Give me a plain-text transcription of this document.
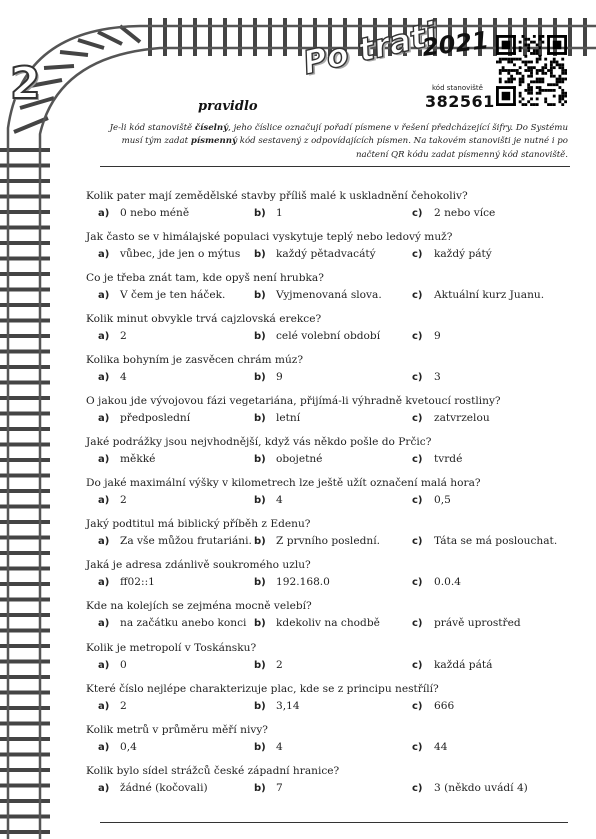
2
Po trati
2021
kód stanoviště
382561
pravidlo
Je-li kód stanoviště číselný, jeho číslice označují pořadí písmene v řešení předcházející šifry. Do Systému musí tým zadat písmenný kód sestavený z odpovídajících písmen. Na takovém stanovišti je nutné i po načtení QR kódu zadat písmenný kód stanoviště.
Kolik pater mají zemědělské stavby příliš malé k uskladnění čehokoliv?
a) 0 nebo méně	b) 1	c) 2 nebo více
Jak často se v himálajské populaci vyskytuje teplý nebo ledový muž?
a) vůbec, jde jen o mýtus b) každý pětadvacátý	c) každý pátý
Co je třeba znát tam, kde opyš není hrubka?
a) V čem je ten háček.	b) Vyjmenovaná slova.	c) Aktuální kurz Juanu.
Kolik minut obvykle trvá cajzlovská erekce?
a) 2	b) celé volební období	c) 9
Kolika bohyním je zasvěcen chrám múz?
a) 4	b) 9	c) 3
O jakou jde vývojovou fázi vegetariána, přijímá-li výhradně kvetoucí rostliny?
a) předposlední	b) letní	c) zatvrzelou
Jaké podrážky jsou nejvhodnější, když vás někdo pošle do Prčic?
a) měkké	b) obojetné	c) tvrdé
Do jaké maximální výšky v kilometrech lze ještě užít označení malá hora?
a) 2	b) 4	c) 0,5
Jaký podtitul má biblický příběh z Edenu?
a) Za vše můžou frutariáni. b) Z prvního poslední.	c) Táta se má poslouchat.
Jaká je adresa zdánlivě soukromého uzlu?
a) ff02::1	b) 192.168.0	c) 0.0.4
Kde na kolejích se zejména mocně velebí?
a) na začátku anebo konci b) kdekoliv na chodbě	c) právě uprostřed
Kolik je metropolí v Toskánsku?
a) 0	b) 2	c) každá pátá
Které číslo nejlépe charakterizuje plac, kde se z principu nestřílí?
a) 2	b) 3,14	c) 666
Kolik metrů v průměru měří nivy?
a) 0,4	b) 4	c) 44
Kolik bylo sídel strážců české západní hranice?
a) žádné (kočovali)	b) 7	c) 3 (někdo uvádí 4)
